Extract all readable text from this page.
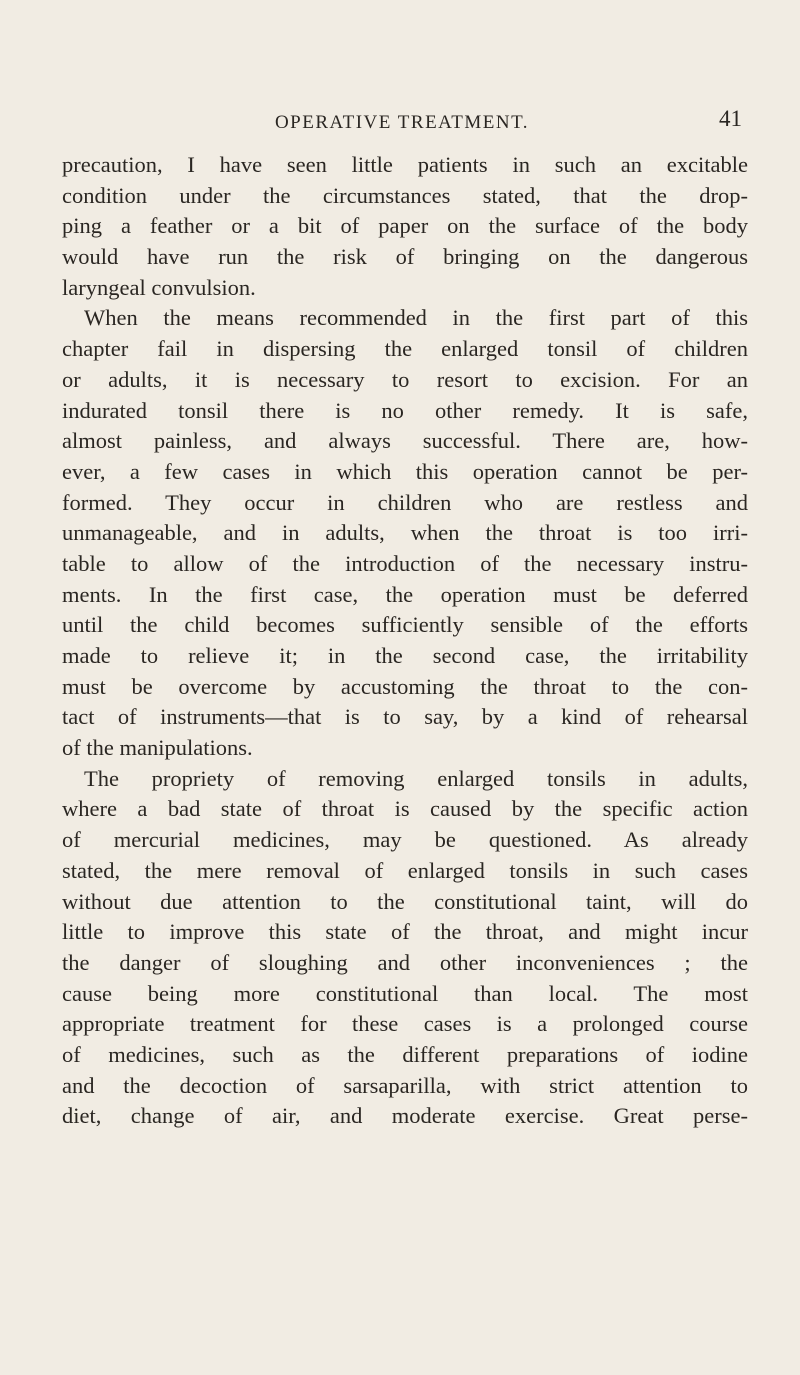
OPERATIVE TREATMENT.	41
precaution, I have seen little patients in such an excitable
condition under the circumstances stated, that the drop-
ping a feather or a bit of paper on the surface of the body
would have run the risk of bringing on the dangerous
laryngeal convulsion.
When the means recommended in the first part of this
chapter fail in dispersing the enlarged tonsil of children
or adults, it is necessary to resort to excision. For an
indurated tonsil there is no other remedy. It is safe,
almost painless, and always successful. There are, how-
ever, a few cases in which this operation cannot be per-
formed. They occur in children who are restless and
unmanageable, and in adults, when the throat is too irri-
table to allow of the introduction of the necessary instru-
ments. In the first case, the operation must be deferred
until the child becomes sufficiently sensible of the efforts
made to relieve it; in the second case, the irritability
must be overcome by accustoming the throat to the con-
tact of instruments—that is to say, by a kind of rehearsal
of the manipulations.
The propriety of removing enlarged tonsils in adults,
where a bad state of throat is caused by the specific action
of mercurial medicines, may be questioned. As already
stated, the mere removal of enlarged tonsils in such cases
without due attention to the constitutional taint, will do
little to improve this state of the throat, and might incur
the danger of sloughing and other inconveniences ; the
cause being more constitutional than local. The most
appropriate treatment for these cases is a prolonged course
of medicines, such as the different preparations of iodine
and the decoction of sarsaparilla, with strict attention to
diet, change of air, and moderate exercise. Great perse-
